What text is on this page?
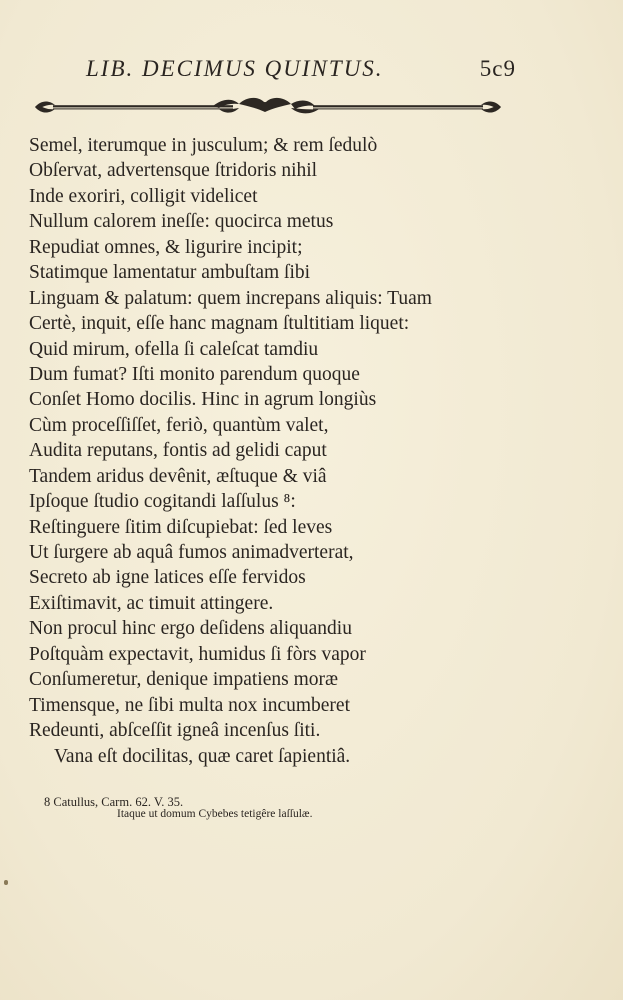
LIB. DECIMUS QUINTUS.	5c9
Semel, iterumque in jusculum; & rem ſedulò
Obſervat, advertensque ſtridoris nihil
Inde exoriri, colligit videlicet
Nullum calorem ineſſe: quocirca metus
Repudiat omnes, & ligurire incipit;
Statimque lamentatur ambuſtam ſibi
Linguam & palatum: quem increpans aliquis: Tuam
Certè, inquit, eſſe hanc magnam ſtultitiam liquet:
Quid mirum, ofella ſi caleſcat tamdiu
Dum fumat? Iſti monito parendum quoque
Conſet Homo docilis. Hinc in agrum longiùs
Cùm proceſſiſſet, feriò, quantùm valet,
Audita reputans, fontis ad gelidi caput
Tandem aridus devênit, æſtuque & viâ
Ipſoque ſtudio cogitandi laſſulus ⁸:
Reſtinguere ſitim diſcupiebat: ſed leves
Ut ſurgere ab aquâ fumos animadverterat,
Secreto ab igne latices eſſe fervidos
Exiſtimavit, ac timuit attingere.
Non procul hinc ergo deſidens aliquandiu
Poſtquàm expectavit, humidus ſi fòrs vapor
Conſumeretur, denique impatiens moræ
Timensque, ne ſibi multa nox incumberet
Redeunti, abſceſſit igneâ incenſus ſiti.
Vana eſt docilitas, quæ caret ſapientiâ.
8 Catullus, Carm. 62. V. 35.
Itaque ut domum Cybebes tetigêre laſſulæ.
